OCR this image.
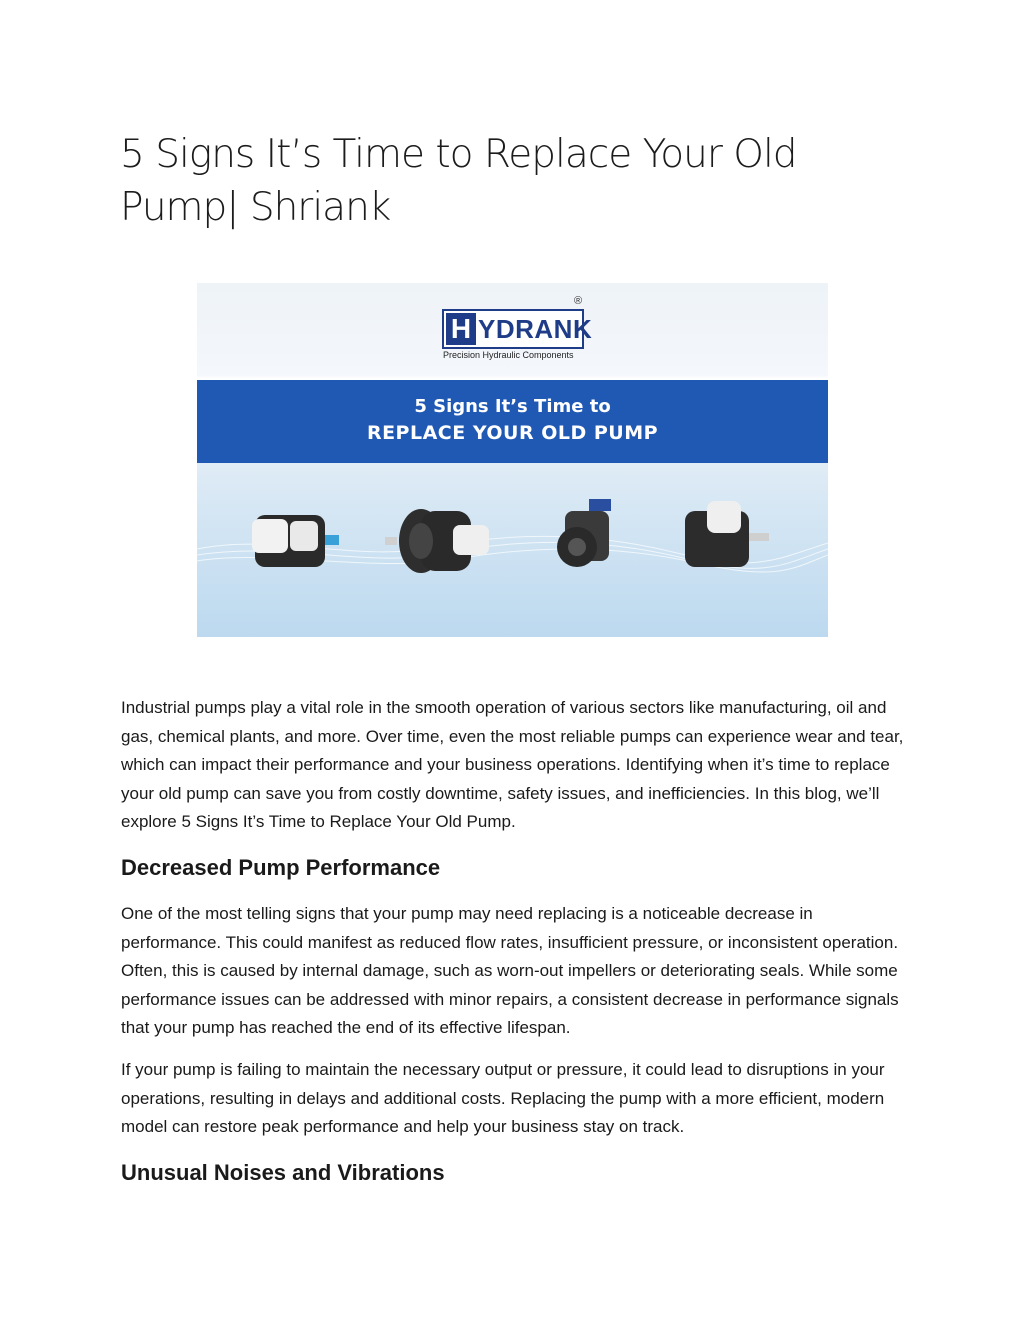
5 Signs It’s Time to Replace Your Old Pump| Shriank
H YDRANK
®
Precision Hydraulic Components
5 Signs It’s Time to
REPLACE YOUR OLD PUMP

Industrial pumps play a vital role in the smooth operation of various sectors like manufacturing, oil and gas, chemical plants, and more. Over time, even the most reliable pumps can experience wear and tear, which can impact their performance and your business operations. Identifying when it’s time to replace your old pump can save you from costly downtime, safety issues, and inefficiencies. In this blog, we’ll explore 5 Signs It’s Time to Replace Your Old Pump.

Decreased Pump Performance

One of the most telling signs that your pump may need replacing is a noticeable decrease in performance. This could manifest as reduced flow rates, insufficient pressure, or inconsistent operation. Often, this is caused by internal damage, such as worn-out impellers or deteriorating seals. While some performance issues can be addressed with minor repairs, a consistent decrease in performance signals that your pump has reached the end of its effective lifespan.

If your pump is failing to maintain the necessary output or pressure, it could lead to disruptions in your operations, resulting in delays and additional costs. Replacing the pump with a more efficient, modern model can restore peak performance and help your business stay on track.

Unusual Noises and Vibrations
